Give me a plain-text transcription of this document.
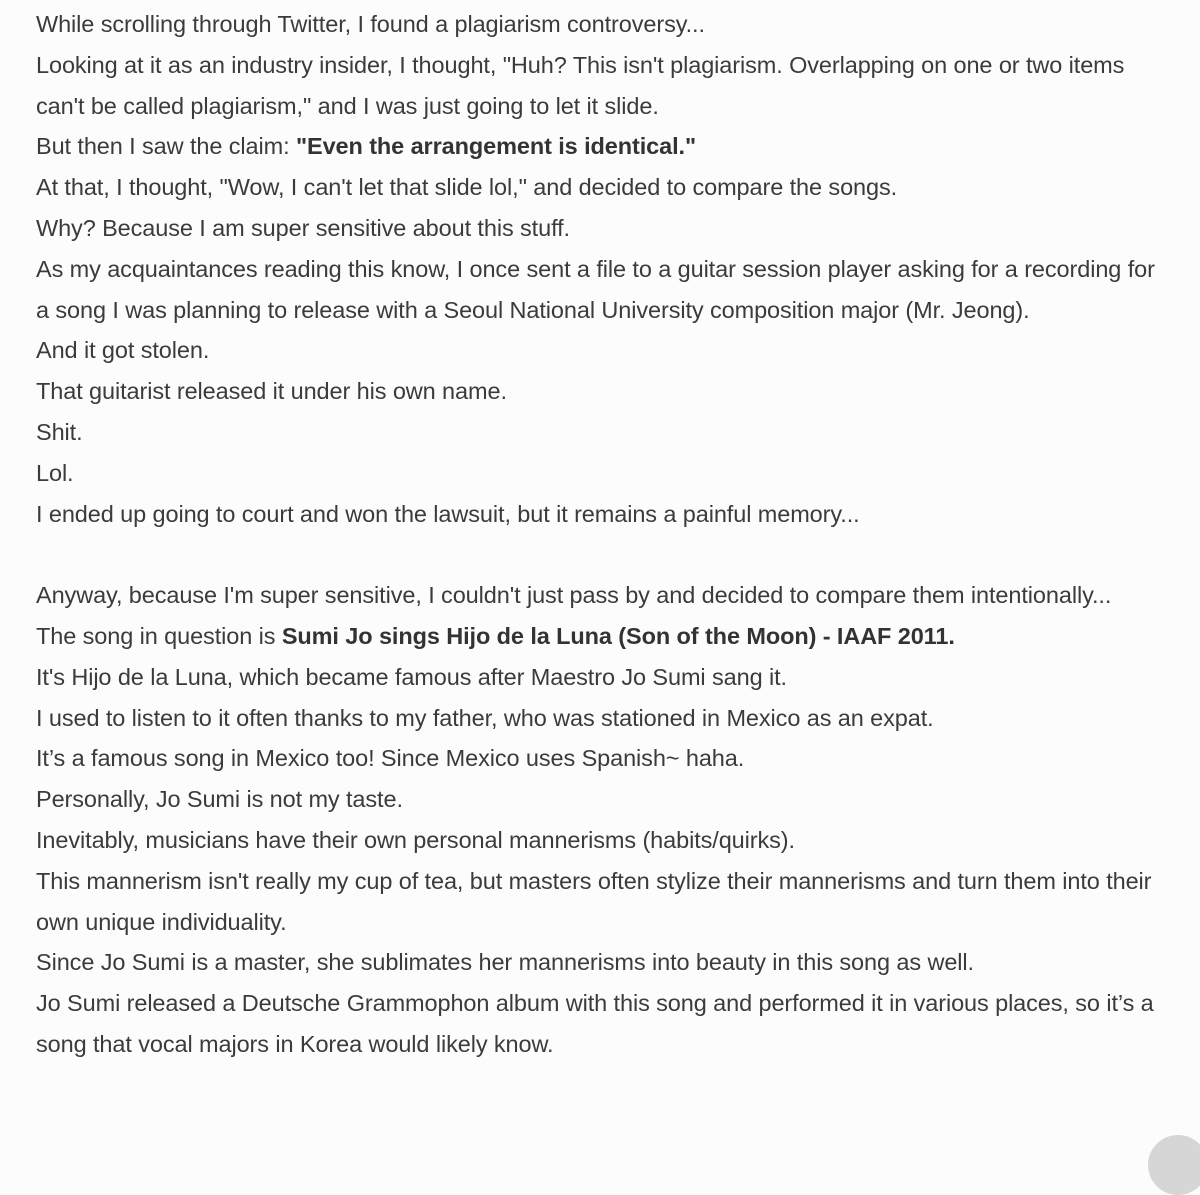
While scrolling through Twitter, I found a plagiarism controversy...
Looking at it as an industry insider, I thought, "Huh? This isn't plagiarism. Overlapping on one or two items can't be called plagiarism," and I was just going to let it slide.
But then I saw the claim: "Even the arrangement is identical."
At that, I thought, "Wow, I can't let that slide lol," and decided to compare the songs.
Why? Because I am super sensitive about this stuff.
As my acquaintances reading this know, I once sent a file to a guitar session player asking for a recording for a song I was planning to release with a Seoul National University composition major (Mr. Jeong).
And it got stolen.
That guitarist released it under his own name.
Shit.
Lol.
I ended up going to court and won the lawsuit, but it remains a painful memory...
Anyway, because I'm super sensitive, I couldn't just pass by and decided to compare them intentionally...
The song in question is Sumi Jo sings Hijo de la Luna (Son of the Moon) - IAAF 2011.
It's Hijo de la Luna, which became famous after Maestro Jo Sumi sang it.
I used to listen to it often thanks to my father, who was stationed in Mexico as an expat.
It’s a famous song in Mexico too! Since Mexico uses Spanish~ haha.
Personally, Jo Sumi is not my taste.
Inevitably, musicians have their own personal mannerisms (habits/quirks).
This mannerism isn't really my cup of tea, but masters often stylize their mannerisms and turn them into their own unique individuality.
Since Jo Sumi is a master, she sublimates her mannerisms into beauty in this song as well.
Jo Sumi released a Deutsche Grammophon album with this song and performed it in various places, so it’s a song that vocal majors in Korea would likely know.
